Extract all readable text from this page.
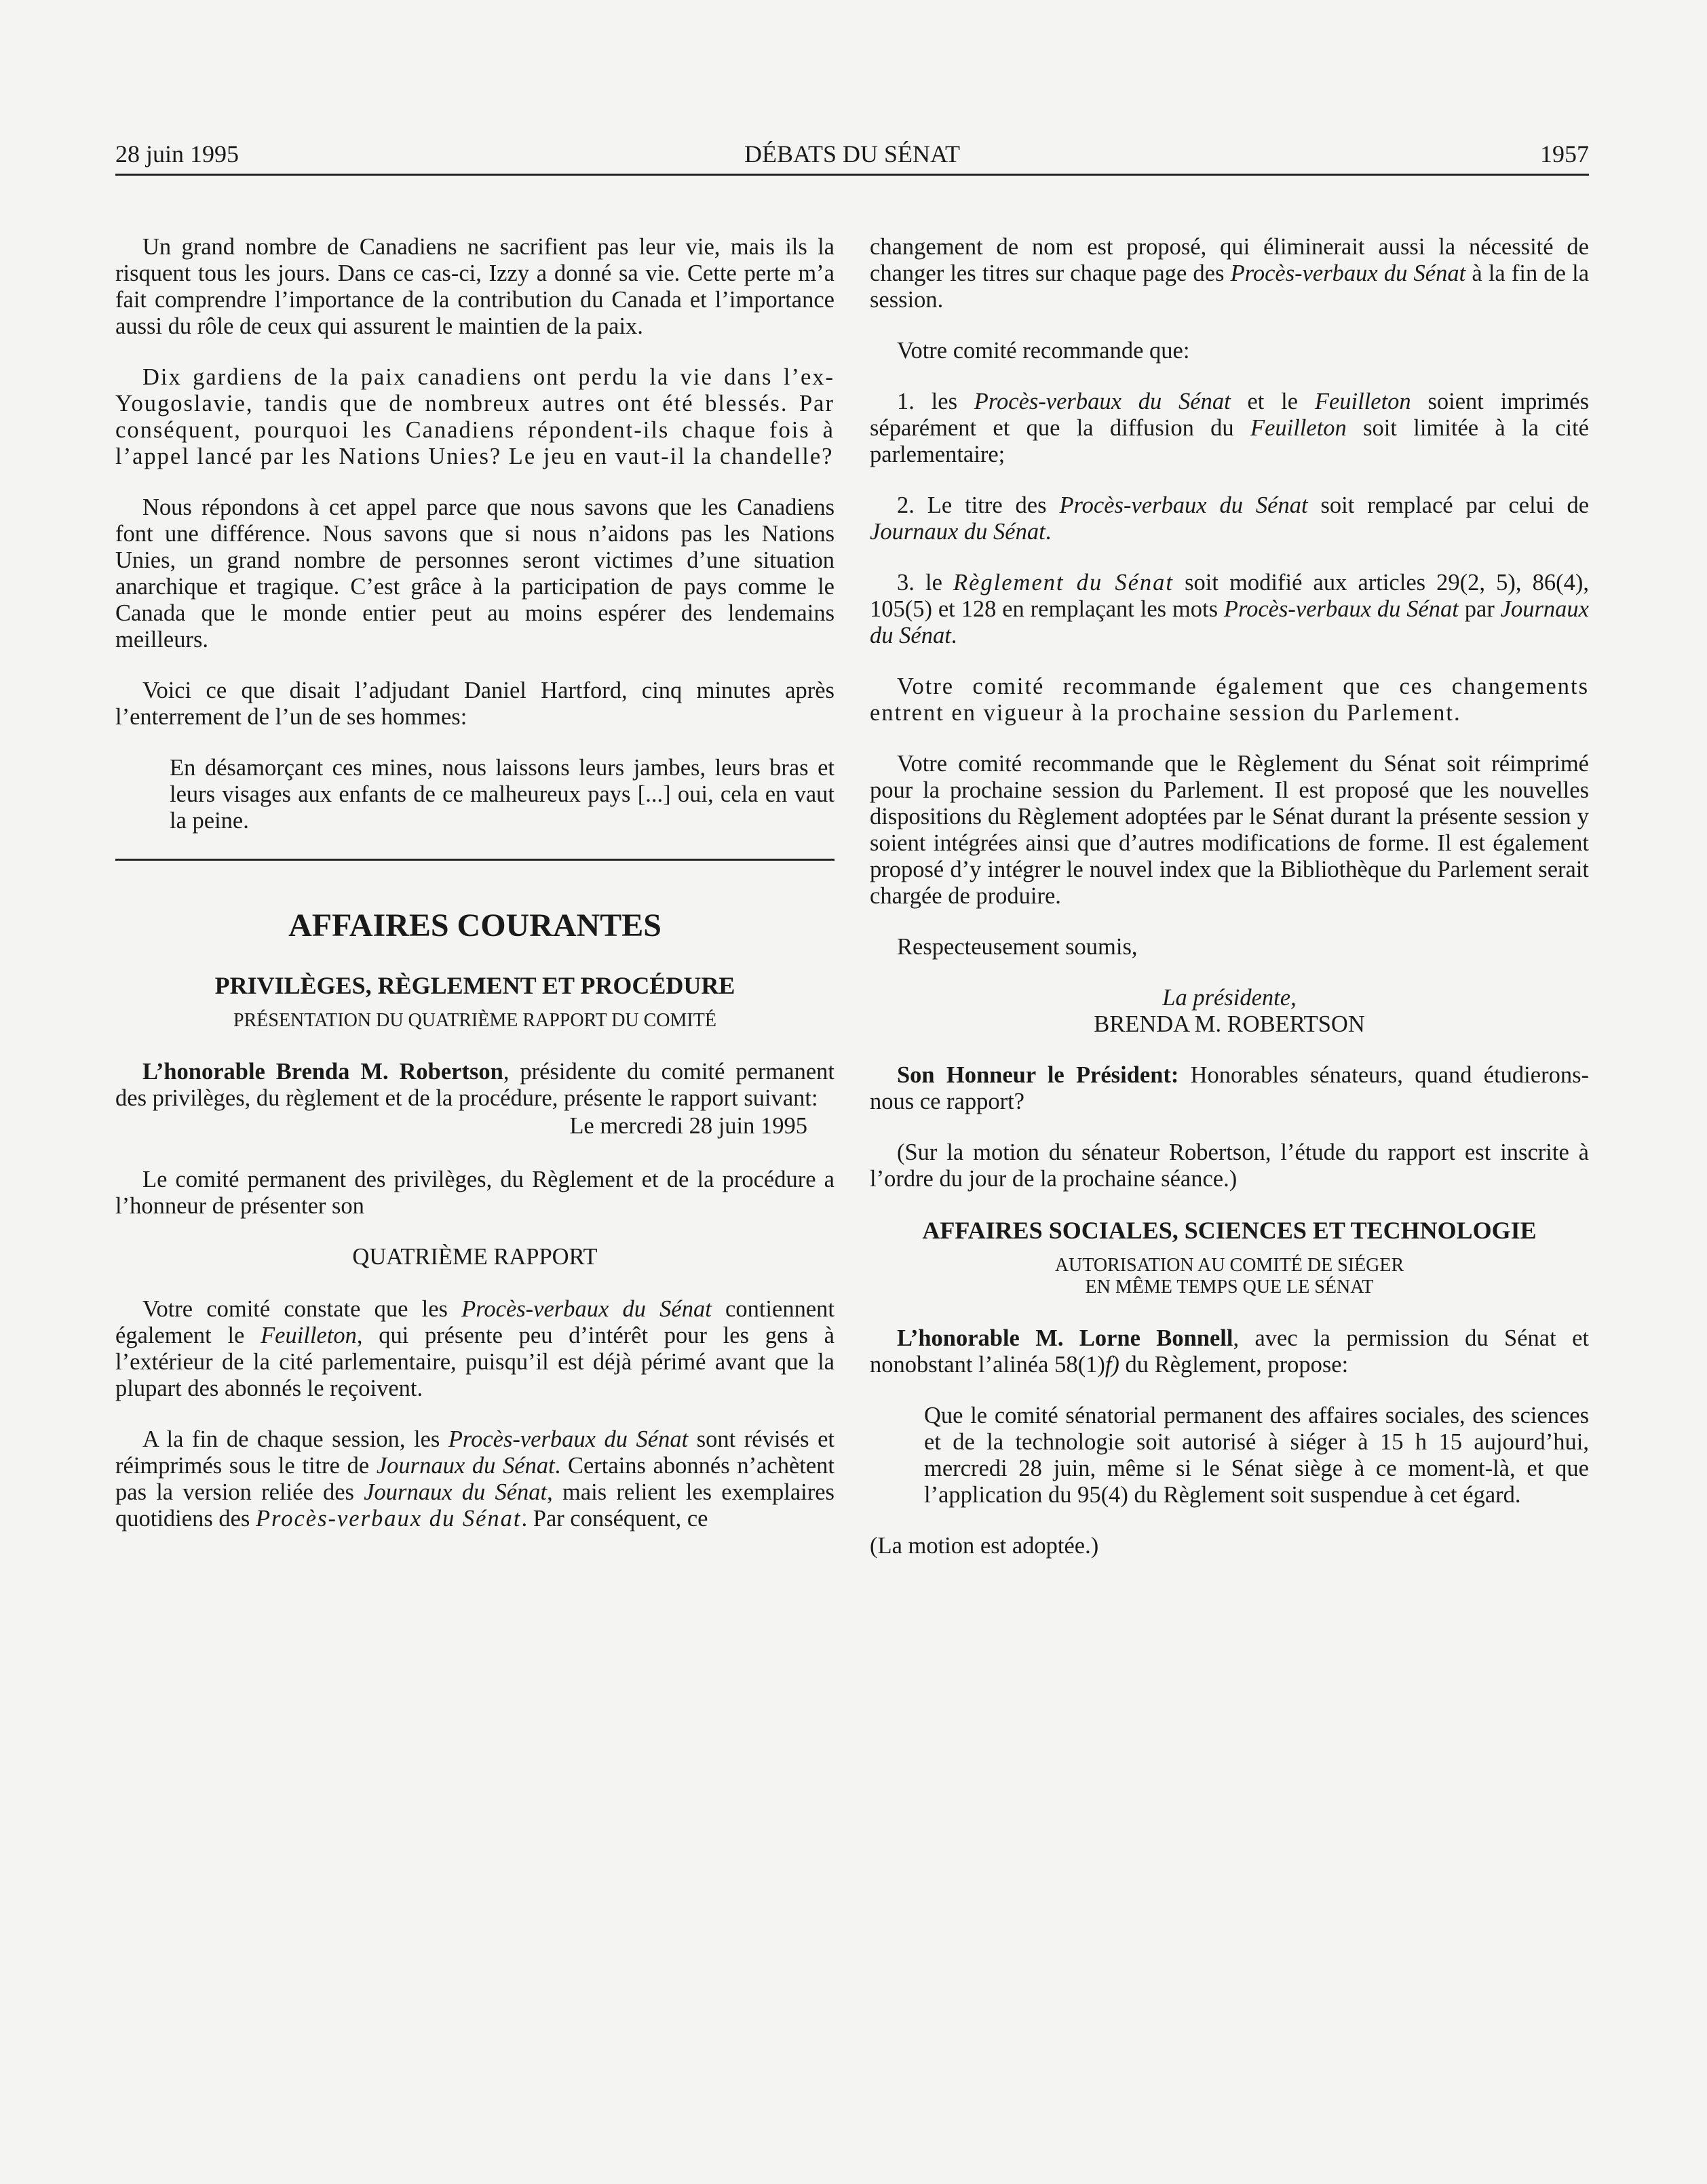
28 juin 1995	DÉBATS DU SÉNAT	1957

Un grand nombre de Canadiens ne sacrifient pas leur vie, mais ils la risquent tous les jours. Dans ce cas-ci, Izzy a donné sa vie. Cette perte m’a fait comprendre l’importance de la contribution du Canada et l’importance aussi du rôle de ceux qui assurent le maintien de la paix.

Dix gardiens de la paix canadiens ont perdu la vie dans l’ex-Yougoslavie, tandis que de nombreux autres ont été blessés. Par conséquent, pourquoi les Canadiens répondent-ils chaque fois à l’appel lancé par les Nations Unies? Le jeu en vaut-il la chandelle?

Nous répondons à cet appel parce que nous savons que les Canadiens font une différence. Nous savons que si nous n’aidons pas les Nations Unies, un grand nombre de personnes seront victimes d’une situation anarchique et tragique. C’est grâce à la participation de pays comme le Canada que le monde entier peut au moins espérer des lendemains meilleurs.

Voici ce que disait l’adjudant Daniel Hartford, cinq minutes après l’enterrement de l’un de ses hommes:

En désamorçant ces mines, nous laissons leurs jambes, leurs bras et leurs visages aux enfants de ce malheureux pays [...] oui, cela en vaut la peine.

AFFAIRES COURANTES
PRIVILÈGES, RÈGLEMENT ET PROCÉDURE
PRÉSENTATION DU QUATRIÈME RAPPORT DU COMITÉ

L’honorable Brenda M. Robertson, présidente du comité permanent des privilèges, du règlement et de la procédure, présente le rapport suivant:

Le mercredi 28 juin 1995

Le comité permanent des privilèges, du Règlement et de la procédure a l’honneur de présenter son

QUATRIÈME RAPPORT

Votre comité constate que les Procès-verbaux du Sénat contiennent également le Feuilleton, qui présente peu d’intérêt pour les gens à l’extérieur de la cité parlementaire, puisqu’il est déjà périmé avant que la plupart des abonnés le reçoivent.

A la fin de chaque session, les Procès-verbaux du Sénat sont révisés et réimprimés sous le titre de Journaux du Sénat. Certains abonnés n’achètent pas la version reliée des Journaux du Sénat, mais relient les exemplaires quotidiens des Procès-verbaux du Sénat. Par conséquent, ce

changement de nom est proposé, qui éliminerait aussi la nécessité de changer les titres sur chaque page des Procès-verbaux du Sénat à la fin de la session.

Votre comité recommande que:

1. les Procès-verbaux du Sénat et le Feuilleton soient imprimés séparément et que la diffusion du Feuilleton soit limitée à la cité parlementaire;

2. Le titre des Procès-verbaux du Sénat soit remplacé par celui de Journaux du Sénat.

3. le Règlement du Sénat soit modifié aux articles 29(2, 5), 86(4), 105(5) et 128 en remplaçant les mots Procès-verbaux du Sénat par Journaux du Sénat.

Votre comité recommande également que ces changements entrent en vigueur à la prochaine session du Parlement.

Votre comité recommande que le Règlement du Sénat soit réimprimé pour la prochaine session du Parlement. Il est proposé que les nouvelles dispositions du Règlement adoptées par le Sénat durant la présente session y soient intégrées ainsi que d’autres modifications de forme. Il est également proposé d’y intégrer le nouvel index que la Bibliothèque du Parlement serait chargée de produire.

Respecteusement soumis,

La présidente,
BRENDA M. ROBERTSON

Son Honneur le Président: Honorables sénateurs, quand étudierons-nous ce rapport?

(Sur la motion du sénateur Robertson, l’étude du rapport est inscrite à l’ordre du jour de la prochaine séance.)

AFFAIRES SOCIALES, SCIENCES ET TECHNOLOGIE
AUTORISATION AU COMITÉ DE SIÉGER
EN MÊME TEMPS QUE LE SÉNAT

L’honorable M. Lorne Bonnell, avec la permission du Sénat et nonobstant l’alinéa 58(1)f) du Règlement, propose:

Que le comité sénatorial permanent des affaires sociales, des sciences et de la technologie soit autorisé à siéger à 15 h 15 aujourd’hui, mercredi 28 juin, même si le Sénat siège à ce moment-là, et que l’application du 95(4) du Règlement soit suspendue à cet égard.

(La motion est adoptée.)
